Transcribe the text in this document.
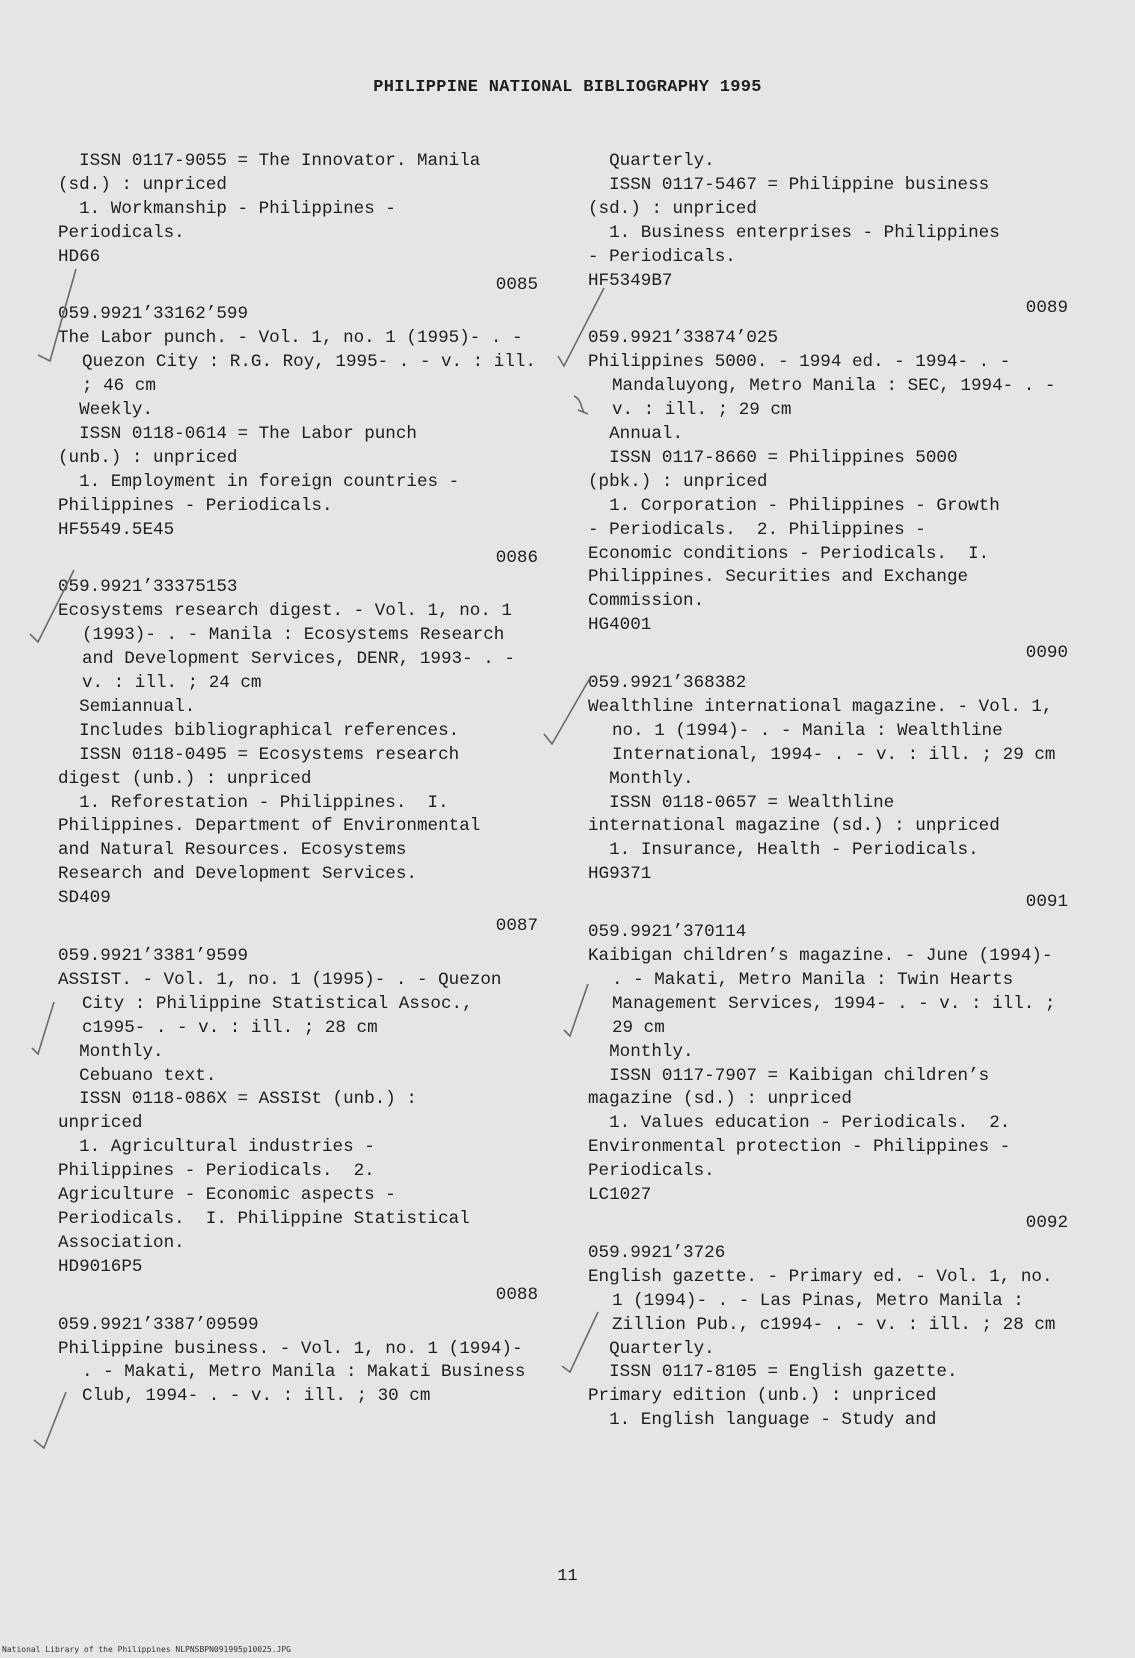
PHILIPPINE NATIONAL BIBLIOGRAPHY 1995
ISSN 0117-9055 = The Innovator. Manila
(sd.) : unpriced
1. Workmanship - Philippines -
Periodicals.
HD66
0085
059.9921’33162’599
The Labor punch. - Vol. 1, no. 1 (1995)- . - Quezon City : R.G. Roy, 1995- . - v. : ill. ; 46 cm
Weekly.
ISSN 0118-0614 = The Labor punch
(unb.) : unpriced
1. Employment in foreign countries -
Philippines - Periodicals.
HF5549.5E45
0086
059.9921’33375153
Ecosystems research digest. - Vol. 1, no. 1 (1993)- . - Manila : Ecosystems Research and Development Services, DENR, 1993- . - v. : ill. ; 24 cm
Semiannual.
Includes bibliographical references.
ISSN 0118-0495 = Ecosystems research
digest (unb.) : unpriced
1. Reforestation - Philippines.  I.
Philippines. Department of Environmental
and Natural Resources. Ecosystems
Research and Development Services.
SD409
0087
059.9921’3381’9599
ASSIST. - Vol. 1, no. 1 (1995)- . - Quezon City : Philippine Statistical Assoc., c1995- . - v. : ill. ; 28 cm
Monthly.
Cebuano text.
ISSN 0118-086X = ASSISt (unb.) :
unpriced
1. Agricultural industries -
Philippines - Periodicals.  2.
Agriculture - Economic aspects -
Periodicals.  I. Philippine Statistical
Association.
HD9016P5
0088
059.9921’3387’09599
Philippine business. - Vol. 1, no. 1 (1994)- . - Makati, Metro Manila : Makati Business Club, 1994- . - v. : ill. ; 30 cm
Quarterly.
ISSN 0117-5467 = Philippine business
(sd.) : unpriced
1. Business enterprises - Philippines
- Periodicals.
HF5349B7
0089
059.9921’33874’025
Philippines 5000. - 1994 ed. - 1994- . - Mandaluyong, Metro Manila : SEC, 1994- . - v. : ill. ; 29 cm
Annual.
ISSN 0117-8660 = Philippines 5000
(pbk.) : unpriced
1. Corporation - Philippines - Growth
- Periodicals.  2. Philippines -
Economic conditions - Periodicals.  I.
Philippines. Securities and Exchange
Commission.
HG4001
0090
059.9921’368382
Wealthline international magazine. - Vol. 1, no. 1 (1994)- . - Manila : Wealthline International, 1994- . - v. : ill. ; 29 cm
Monthly.
ISSN 0118-0657 = Wealthline
international magazine (sd.) : unpriced
1. Insurance, Health - Periodicals.
HG9371
0091
059.9921’370114
Kaibigan children’s magazine. - June (1994)- . - Makati, Metro Manila : Twin Hearts Management Services, 1994- . - v. : ill. ; 29 cm
Monthly.
ISSN 0117-7907 = Kaibigan children’s
magazine (sd.) : unpriced
1. Values education - Periodicals.  2.
Environmental protection - Philippines -
Periodicals.
LC1027
0092
059.9921’3726
English gazette. - Primary ed. - Vol. 1, no. 1 (1994)- . - Las Pinas, Metro Manila : Zillion Pub., c1994- . - v. : ill. ; 28 cm
Quarterly.
ISSN 0117-8105 = English gazette.
Primary edition (unb.) : unpriced
1. English language - Study and
11
National Library of the Philippines NLPNSBPN091995p10025.JPG
